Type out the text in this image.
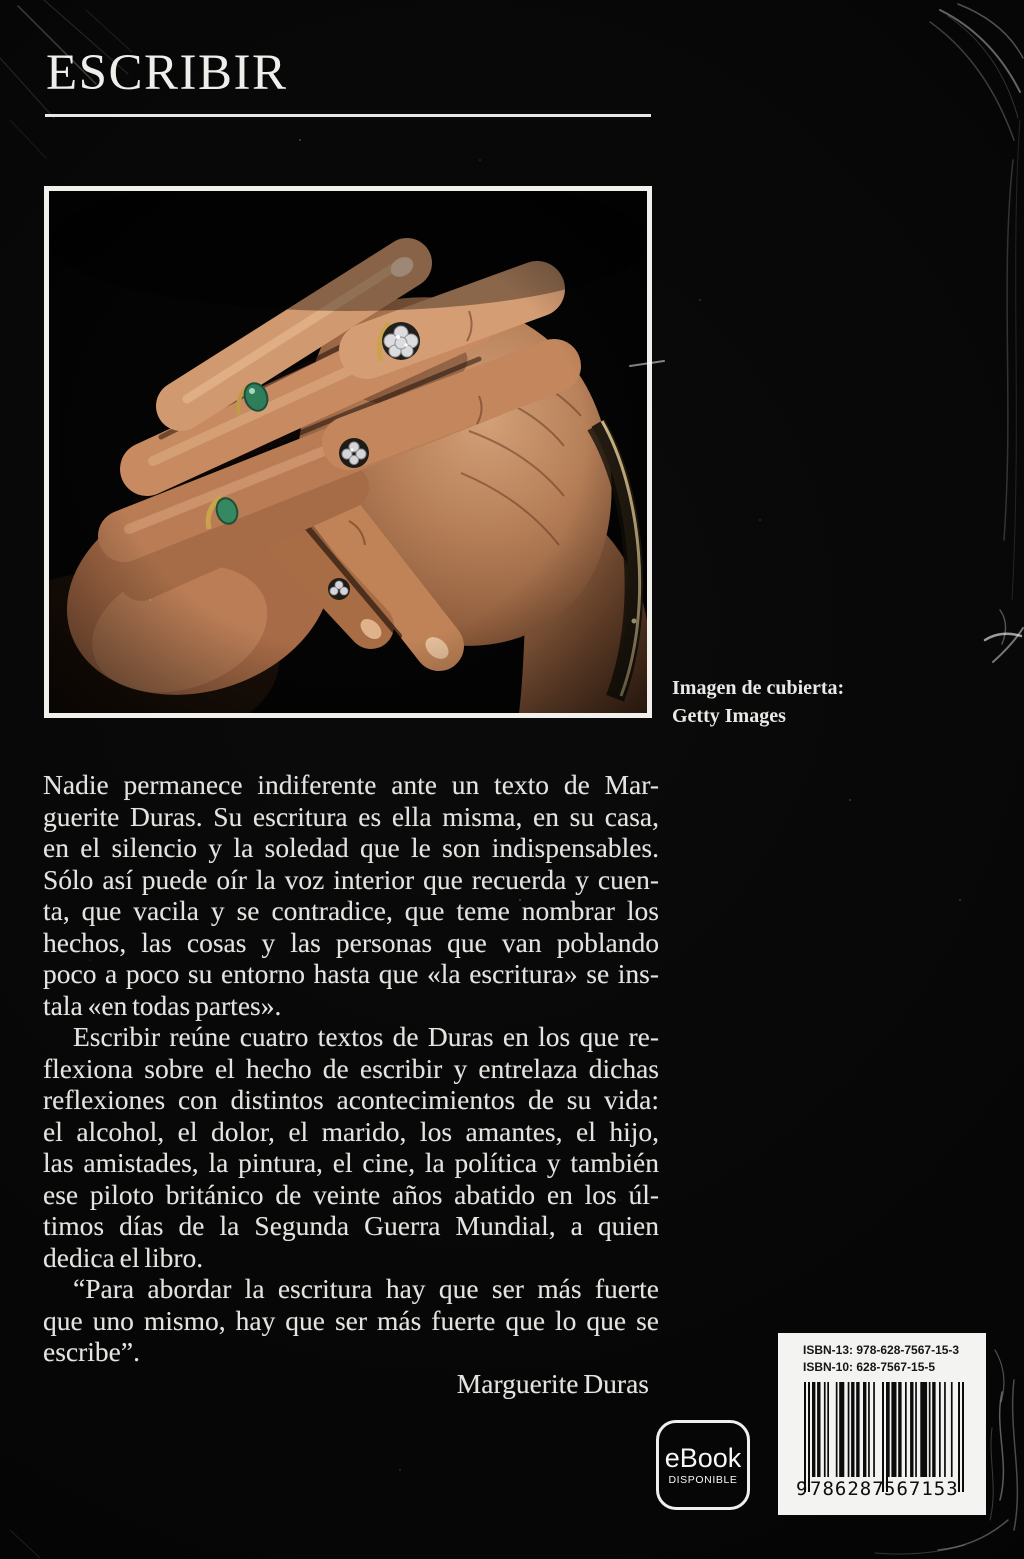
ESCRIBIR
Imagen de cubierta:
Getty Images
Nadie permanece indiferente ante un texto de Mar-
guerite Duras. Su escritura es ella misma, en su casa,
en el silencio y la soledad que le son indispensables.
Sólo así puede oír la voz interior que recuerda y cuen-
ta, que vacila y se contradice, que teme nombrar los
hechos, las cosas y las personas que van poblando
poco a poco su entorno hasta que «la escritura» se ins-
tala «en todas partes».
Escribir reúne cuatro textos de Duras en los que re-
flexiona sobre el hecho de escribir y entrelaza dichas
reflexiones con distintos acontecimientos de su vida:
el alcohol, el dolor, el marido, los amantes, el hijo,
las amistades, la pintura, el cine, la política y también
ese piloto británico de veinte años abatido en los úl-
timos días de la Segunda Guerra Mundial, a quien
dedica el libro.
“Para abordar la escritura hay que ser más fuerte
que uno mismo, hay que ser más fuerte que lo que se
escribe”.
Marguerite Duras
eBook
DISPONIBLE
ISBN-13: 978-628-7567-15-3
ISBN-10: 628-7567-15-5
9 786287 567153
